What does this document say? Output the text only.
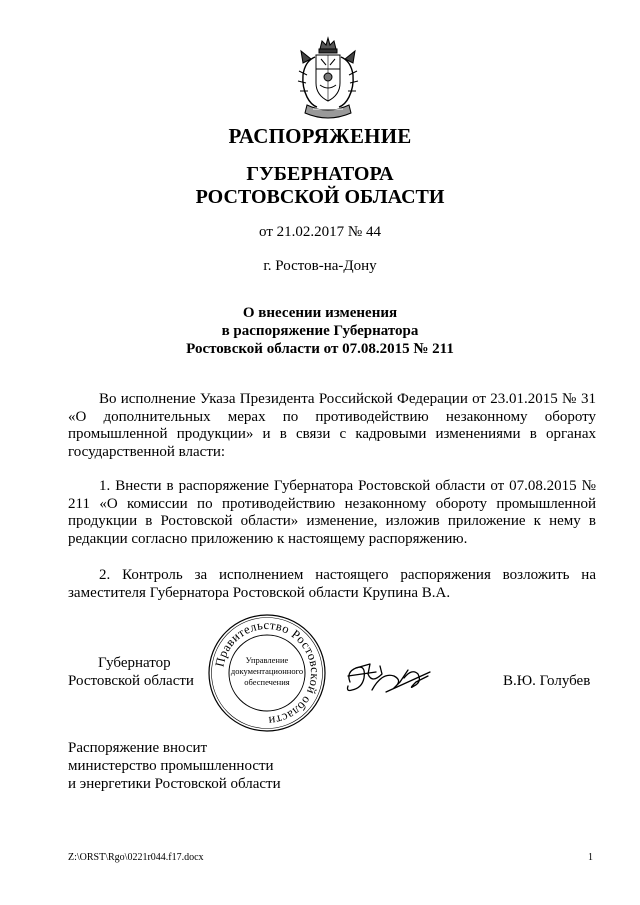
РАСПОРЯЖЕНИЕ
ГУБЕРНАТОРА
РОСТОВСКОЙ ОБЛАСТИ
от 21.02.2017 № 44
г. Ростов-на-Дону
О внесении изменения
в распоряжение Губернатора
Ростовской области от 07.08.2015 № 211

Во исполнение Указа Президента Российской Федерации от 23.01.2015 № 31 «О дополнительных мерах по противодействию незаконному обороту промышленной продукции» и в связи с кадровыми изменениями в органах государственной власти:

1. Внести в распоряжение Губернатора Ростовской области от 07.08.2015 № 211 «О комиссии по противодействию незаконному обороту промышленной продукции в Ростовской области» изменение, изложив приложение к нему в редакции согласно приложению к настоящему распоряжению.

2. Контроль за исполнением настоящего распоряжения возложить на заместителя Губернатора Ростовской области Крупина В.А.

Губернатор
Ростовской области	В.Ю. Голубев
Правительство Ростовской области
Управление
документационного
обеспечения
Распоряжение вносит
министерство промышленности
и энергетики Ростовской области
Z:\ORST\Rgo\0221r044.f17.docx	1
